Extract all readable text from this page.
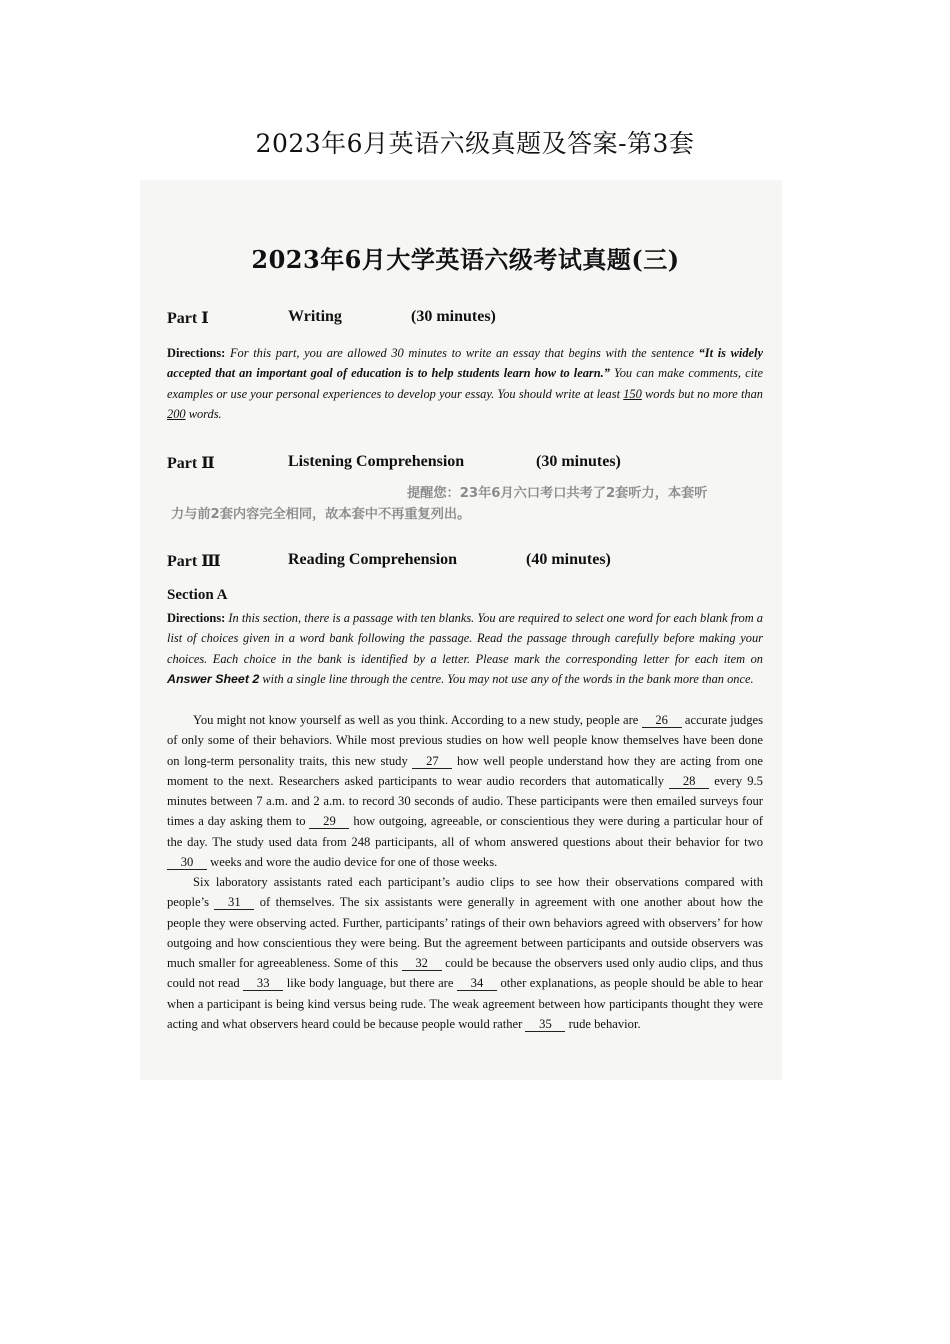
2023年6月英语六级真题及答案-第3套
2023年6月大学英语六级考试真题(三)
Part Ⅰ	Writing	(30 minutes)
Directions: For this part, you are allowed 30 minutes to write an essay that begins with the sentence “It is widely accepted that an important goal of education is to help students learn how to learn.” You can make comments, cite examples or use your personal experiences to develop your essay. You should write at least 150 words but no more than 200 words.
Part Ⅱ	Listening Comprehension	(30 minutes)
提醒您：23年6月六口考口共考了2套听力，本套听
力与前2套内容完全相同，故本套中不再重复列出。
Part Ⅲ	Reading Comprehension	(40 minutes)
Section A
Directions: In this section, there is a passage with ten blanks. You are required to select one word for each blank from a list of choices given in a word bank following the passage. Read the passage through carefully before making your choices. Each choice in the bank is identified by a letter. Please mark the corresponding letter for each item on Answer Sheet 2 with a single line through the centre. You may not use any of the words in the bank more than once.

You might not know yourself as well as you think. According to a new study, people are 26 accurate judges of only some of their behaviors. While most previous studies on how well people know themselves have been done on long-term personality traits, this new study 27 how well people understand how they are acting from one moment to the next. Researchers asked participants to wear audio recorders that automatically 28 every 9.5 minutes between 7 a.m. and 2 a.m. to record 30 seconds of audio. These participants were then emailed surveys four times a day asking them to 29 how outgoing, agreeable, or conscientious they were during a particular hour of the day. The study used data from 248 participants, all of whom answered questions about their behavior for two 30 weeks and wore the audio device for one of those weeks.

Six laboratory assistants rated each participant’s audio clips to see how their observations compared with people’s 31 of themselves. The six assistants were generally in agreement with one another about how the people they were observing acted. Further, participants’ ratings of their own behaviors agreed with observers’ for how outgoing and how conscientious they were being. But the agreement between participants and outside observers was much smaller for agreeableness. Some of this 32 could be because the observers used only audio clips, and thus could not read 33 like body language, but there are 34 other explanations, as people should be able to hear when a participant is being kind versus being rude. The weak agreement between how participants thought they were acting and what observers heard could be because people would rather 35 rude behavior.
